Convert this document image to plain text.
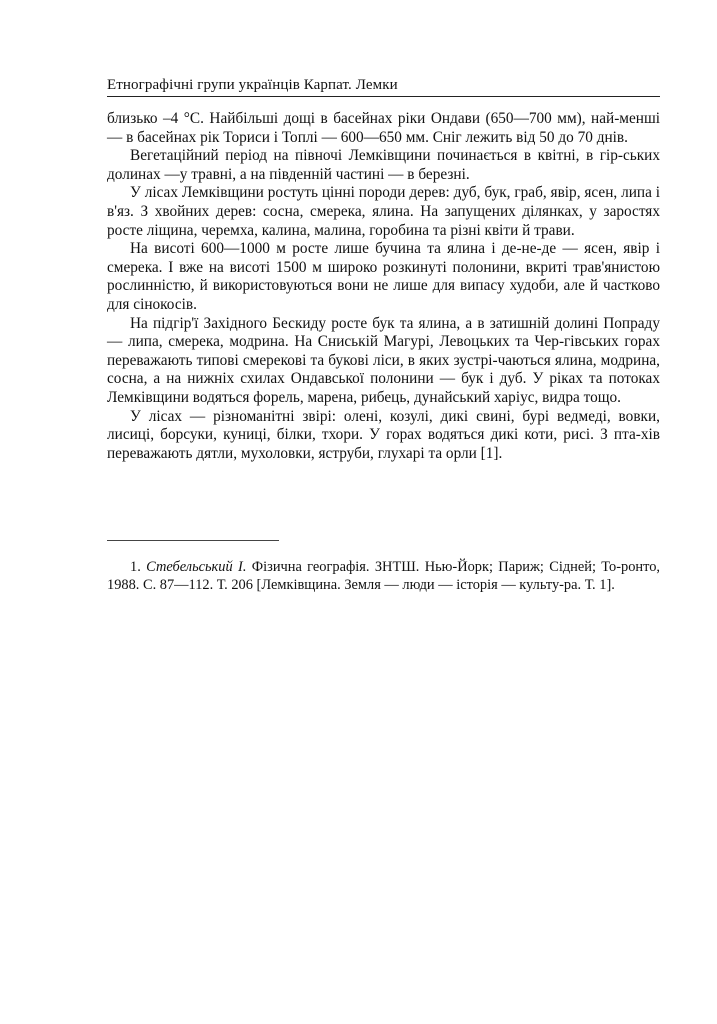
Етнографічні групи українців Карпат. Лемки

близько –4 °С. Найбільші дощі в басейнах ріки Ондави (650—700 мм), най-менші — в басейнах рік Ториси і Топлі — 600—650 мм. Сніг лежить від 50 до 70 днів.

Вегетаційний період на півночі Лемківщини починається в квітні, в гір-ських долинах —у травні, а на південній частині — в березні.

У лісах Лемківщини ростуть цінні породи дерев: дуб, бук, граб, явір, ясен, липа і в'яз. З хвойних дерев: сосна, смерека, ялина. На запущених ділянках, у заростях росте ліщина, черемха, калина, малина, горобина та різні квіти й трави.

На висоті 600—1000 м росте лише бучина та ялина і де-не-де — ясен, явір і смерека. І вже на висоті 1500 м широко розкинуті полонини, вкриті трав'янистою рослинністю, й використовуються вони не лише для випасу худоби, але й частково для сінокосів.

На підгір'ї Західного Бескиду росте бук та ялина, а в затишній долині Попраду — липа, смерека, модрина. На Сниській Магурі, Левоцьких та Чер-гівських горах переважають типові смерекові та букові ліси, в яких зустрі-чаються ялина, модрина, сосна, а на нижніх схилах Ондавської полонини — бук і дуб. У ріках та потоках Лемківщини водяться форель, марена, рибець, дунайський харіус, видра тощо.

У лісах — різноманітні звірі: олені, козулі, дикі свині, бурі ведмеді, вовки, лисиці, борсуки, куниці, білки, тхори. У горах водяться дикі коти, рисі. З пта-хів переважають дятли, мухоловки, яструби, глухарі та орли [1].

1. Стебельський І. Фізична географія. ЗНТШ. Нью-Йорк; Париж; Сідней; То-ронто, 1988. С. 87—112. Т. 206 [Лемківщина. Земля — люди — історія — культу-ра. Т. 1].
